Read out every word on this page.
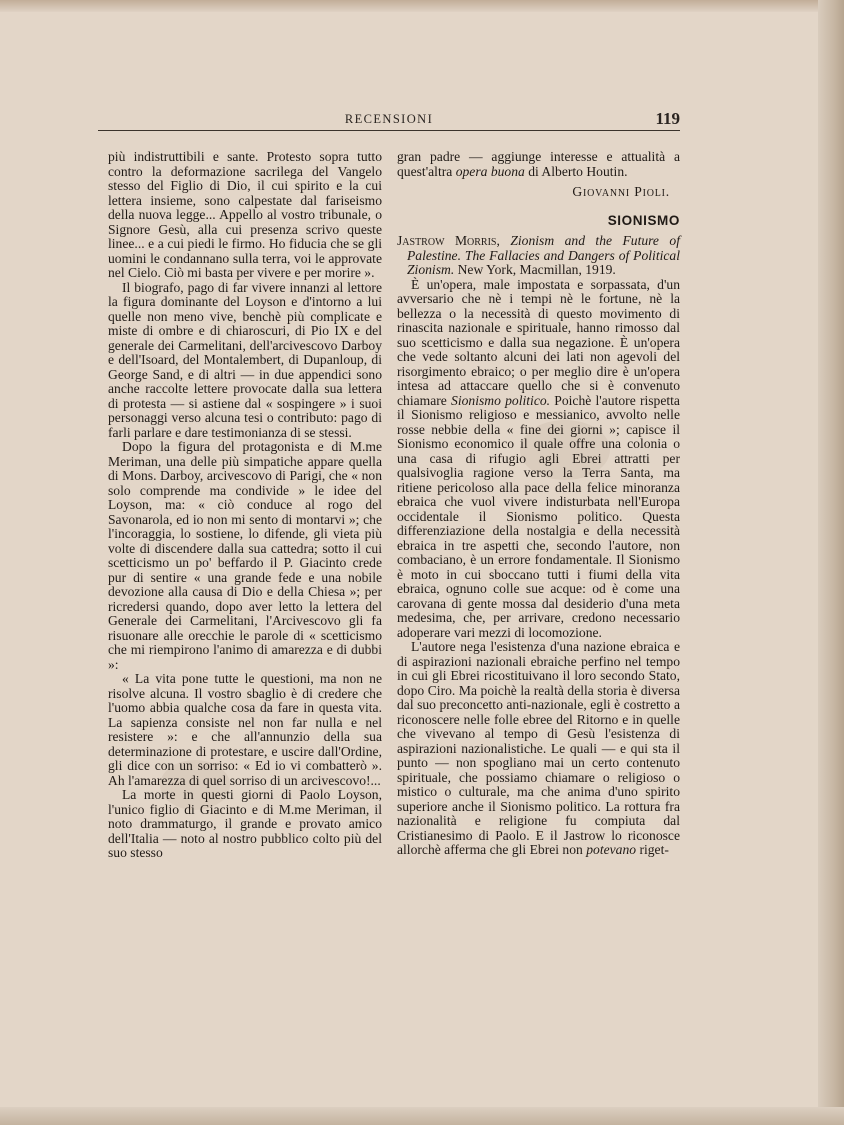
RECENSIONI	119

più indistruttibili e sante. Protesto sopra tutto contro la deformazione sacrilega del Vangelo stesso del Figlio di Dio, il cui spirito e la cui lettera insieme, sono calpestate dal fariseismo della nuova legge... Appello al vostro tribunale, o Signore Gesù, alla cui presenza scrivo queste linee... e a cui piedi le firmo. Ho fiducia che se gli uomini le condannano sulla terra, voi le approvate nel Cielo. Ciò mi basta per vivere e per morire ».

Il biografo, pago di far vivere innanzi al lettore la figura dominante del Loyson e d'intorno a lui quelle non meno vive, benchè più complicate e miste di ombre e di chiaroscuri, di Pio IX e del generale dei Carmelitani, dell'arcivescovo Darboy e dell'Isoard, del Montalembert, di Dupanloup, di George Sand, e di altri — in due appendici sono anche raccolte lettere provocate dalla sua lettera di protesta — si astiene dal « sospingere » i suoi personaggi verso alcuna tesi o contributo: pago di farli parlare e dare testimonianza di se stessi.

Dopo la figura del protagonista e di M.me Meriman, una delle più simpatiche appare quella di Mons. Darboy, arcivescovo di Parigi, che « non solo comprende ma condivide » le idee del Loyson, ma: « ciò conduce al rogo del Savonarola, ed io non mi sento di montarvi »; che l'incoraggia, lo sostiene, lo difende, gli vieta più volte di discendere dalla sua cattedra; sotto il cui scetticismo un po' beffardo il P. Giacinto crede pur di sentire « una grande fede e una nobile devozione alla causa di Dio e della Chiesa »; per ricredersi quando, dopo aver letto la lettera del Generale dei Carmelitani, l'Arcivescovo gli fa risuonare alle orecchie le parole di « scetticismo che mi riempirono l'animo di amarezza e di dubbi »:

« La vita pone tutte le questioni, ma non ne risolve alcuna. Il vostro sbaglio è di credere che l'uomo abbia qualche cosa da fare in questa vita. La sapienza consiste nel non far nulla e nel resistere »: e che all'annunzio della sua determinazione di protestare, e uscire dall'Ordine, gli dice con un sorriso: « Ed io vi combatterò ». Ah l'amarezza di quel sorriso di un arcivescovo!...

La morte in questi giorni di Paolo Loyson, l'unico figlio di Giacinto e di M.me Meriman, il noto drammaturgo, il grande e provato amico dell'Italia — noto al nostro pubblico colto più del suo stesso

gran padre — aggiunge interesse e attualità a quest'altra opera buona di Alberto Houtin.

Giovanni Pioli.

SIONISMO

Jastrow Morris, Zionism and the Future of Palestine. The Fallacies and Dangers of Political Zionism. New York, Macmillan, 1919.

È un'opera, male impostata e sorpassata, d'un avversario che nè i tempi nè le fortune, nè la bellezza o la necessità di questo movimento di rinascita nazionale e spirituale, hanno rimosso dal suo scetticismo e dalla sua negazione. È un'opera che vede soltanto alcuni dei lati non agevoli del risorgimento ebraico; o per meglio dire è un'opera intesa ad attaccare quello che si è convenuto chiamare Sionismo politico. Poichè l'autore rispetta il Sionismo religioso e messianico, avvolto nelle rosse nebbie della « fine dei giorni »; capisce il Sionismo economico il quale offre una colonia o una casa di rifugio agli Ebrei attratti per qualsivoglia ragione verso la Terra Santa, ma ritiene pericoloso alla pace della felice minoranza ebraica che vuol vivere indisturbata nell'Europa occidentale il Sionismo politico. Questa differenziazione della nostalgia e della necessità ebraica in tre aspetti che, secondo l'autore, non combaciano, è un errore fondamentale. Il Sionismo è moto in cui sboccano tutti i fiumi della vita ebraica, ognuno colle sue acque: od è come una carovana di gente mossa dal desiderio d'una meta medesima, che, per arrivare, credono necessario adoperare vari mezzi di locomozione.

L'autore nega l'esistenza d'una nazione ebraica e di aspirazioni nazionali ebraiche perfino nel tempo in cui gli Ebrei ricostituivano il loro secondo Stato, dopo Ciro. Ma poichè la realtà della storia è diversa dal suo preconcetto anti-nazionale, egli è costretto a riconoscere nelle folle ebree del Ritorno e in quelle che vivevano al tempo di Gesù l'esistenza di aspirazioni nazionalistiche. Le quali — e qui sta il punto — non spogliano mai un certo contenuto spirituale, che possiamo chiamare o religioso o mistico o culturale, ma che anima d'uno spirito superiore anche il Sionismo politico. La rottura fra nazionalità e religione fu compiuta dal Cristianesimo di Paolo. E il Jastrow lo riconosce allorchè afferma che gli Ebrei non potevano riget-
